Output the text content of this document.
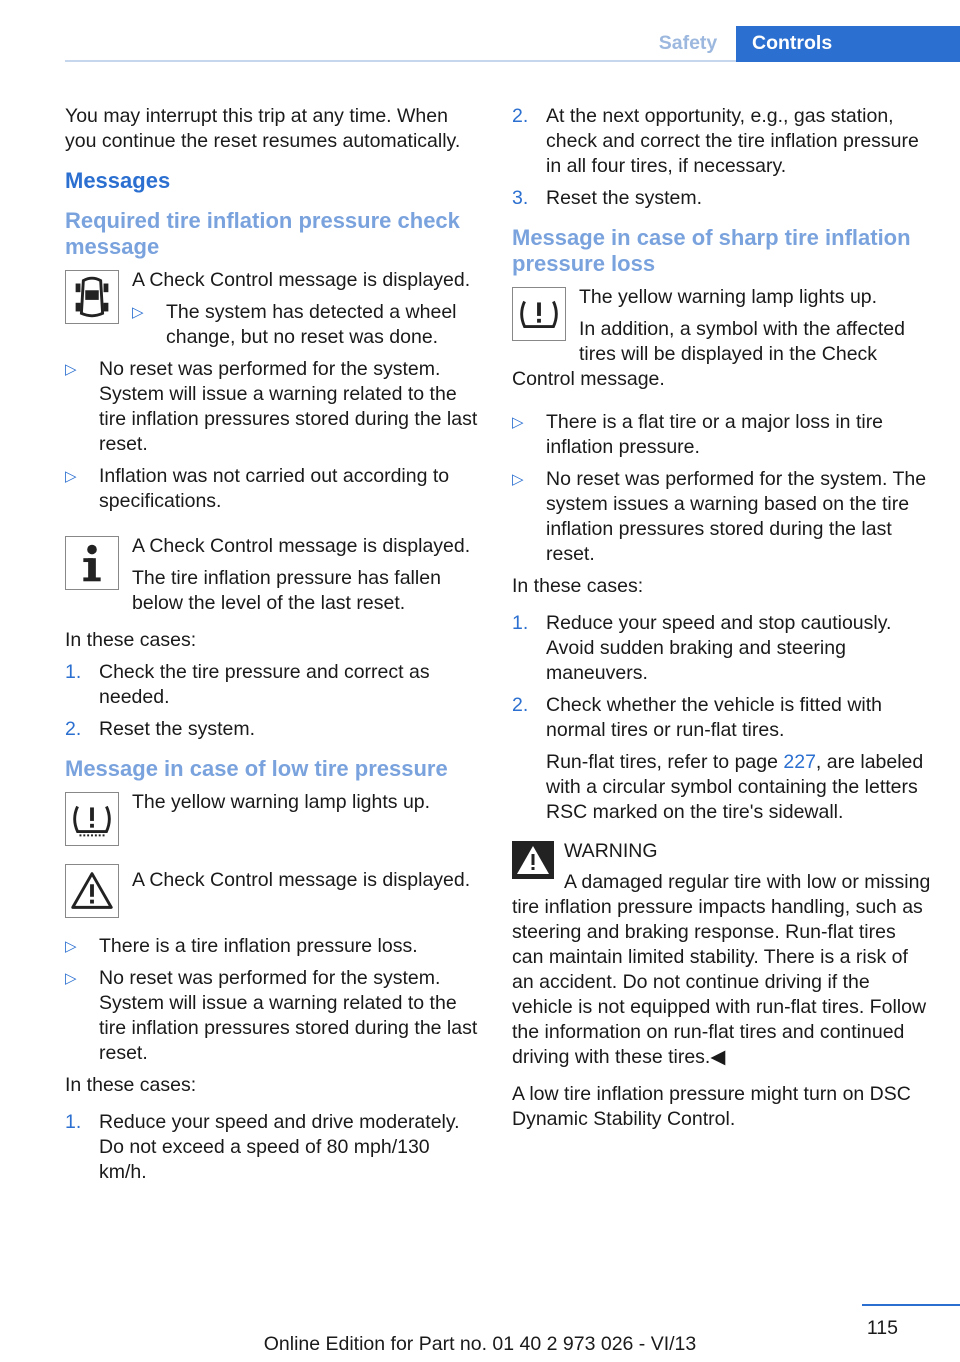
Safety	Controls

You may interrupt this trip at any time. When you continue the reset resumes automatically.

Messages
Required tire inflation pressure check message

A Check Control message is displayed.

▷	The system has detected a wheel change, but no reset was done.
▷	No reset was performed for the system. System will issue a warning related to the tire inflation pressures stored during the last reset.
▷	Inflation was not carried out according to specifications.

A Check Control message is displayed.

The tire inflation pressure has fallen below the level of the last reset.

In these cases:

1. Check the tire pressure and correct as needed.
2. Reset the system.
Message in case of low tire pressure

The yellow warning lamp lights up.

A Check Control message is displayed.

▷	There is a tire inflation pressure loss.
▷	No reset was performed for the system. System will issue a warning related to the tire inflation pressures stored during the last reset.

In these cases:

1. Reduce your speed and drive moderately. Do not exceed a speed of 80 mph/130 km/h.
2. At the next opportunity, e.g., gas station, check and correct the tire inflation pressure in all four tires, if necessary.
3. Reset the system.
Message in case of sharp tire inflation pressure loss

The yellow warning lamp lights up.

In addition, a symbol with the affected tires will be displayed in the Check Control message.

▷	There is a flat tire or a major loss in tire inflation pressure.
▷	No reset was performed for the system. The system issues a warning based on the tire inflation pressures stored during the last reset.

In these cases:

1. Reduce your speed and stop cautiously. Avoid sudden braking and steering maneuvers.
2. Check whether the vehicle is fitted with normal tires or run-flat tires.
Run-flat tires, refer to page 227, are labeled with a circular symbol containing the letters RSC marked on the tire's sidewall.

WARNING

A damaged regular tire with low or missing tire inflation pressure impacts handling, such as steering and braking response. Run-flat tires can maintain limited stability. There is a risk of an accident. Do not continue driving if the vehicle is not equipped with run-flat tires. Follow the information on run-flat tires and continued driving with these tires.◀

A low tire inflation pressure might turn on DSC Dynamic Stability Control.

115
Online Edition for Part no. 01 40 2 973 026 - VI/13
